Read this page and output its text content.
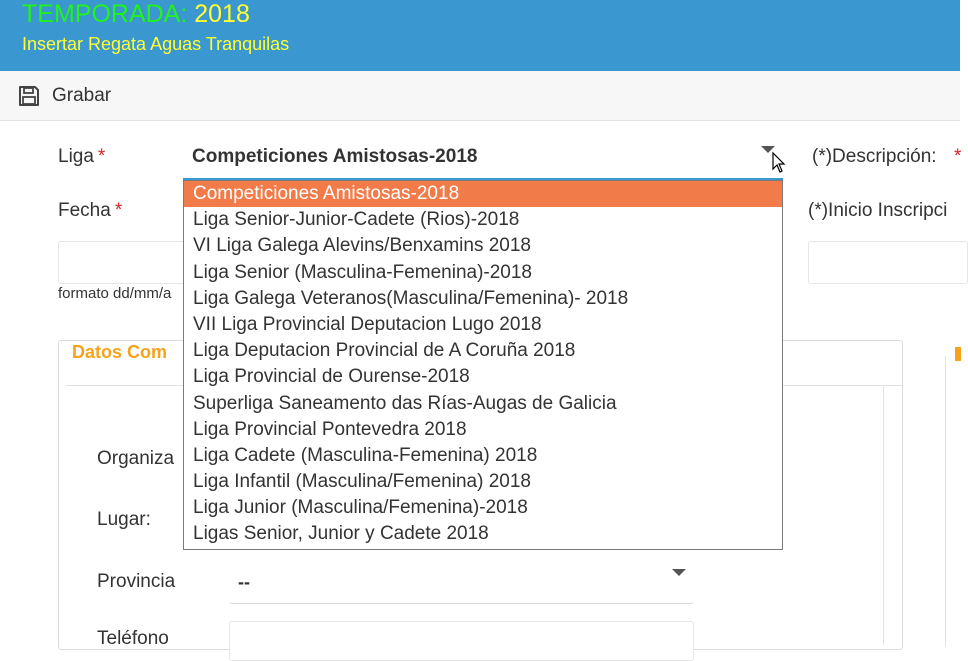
TEMPORADA: 2018
Insertar Regata Aguas Tranquilas
Grabar
Liga *	Competiciones Amistosas-2018	(*)Descripción: *
Fecha *	(*)Inicio Inscripci
formato dd/mm/a
Datos Com
Organiza
Lugar:
Provincia	--
Teléfono
Competiciones Amistosas-2018
Liga Senior-Junior-Cadete (Rios)-2018
VI Liga Galega Alevins/Benxamins 2018
Liga Senior (Masculina-Femenina)-2018
Liga Galega Veteranos(Masculina/Femenina)- 2018
VII Liga Provincial Deputacion Lugo 2018
Liga Deputacion Provincial de A Coruña 2018
Liga Provincial de Ourense-2018
Superliga Saneamento das Rías-Augas de Galicia
Liga Provincial Pontevedra 2018
Liga Cadete (Masculina-Femenina) 2018
Liga Infantil (Masculina/Femenina) 2018
Liga Junior (Masculina/Femenina)-2018
Ligas Senior, Junior y Cadete 2018
